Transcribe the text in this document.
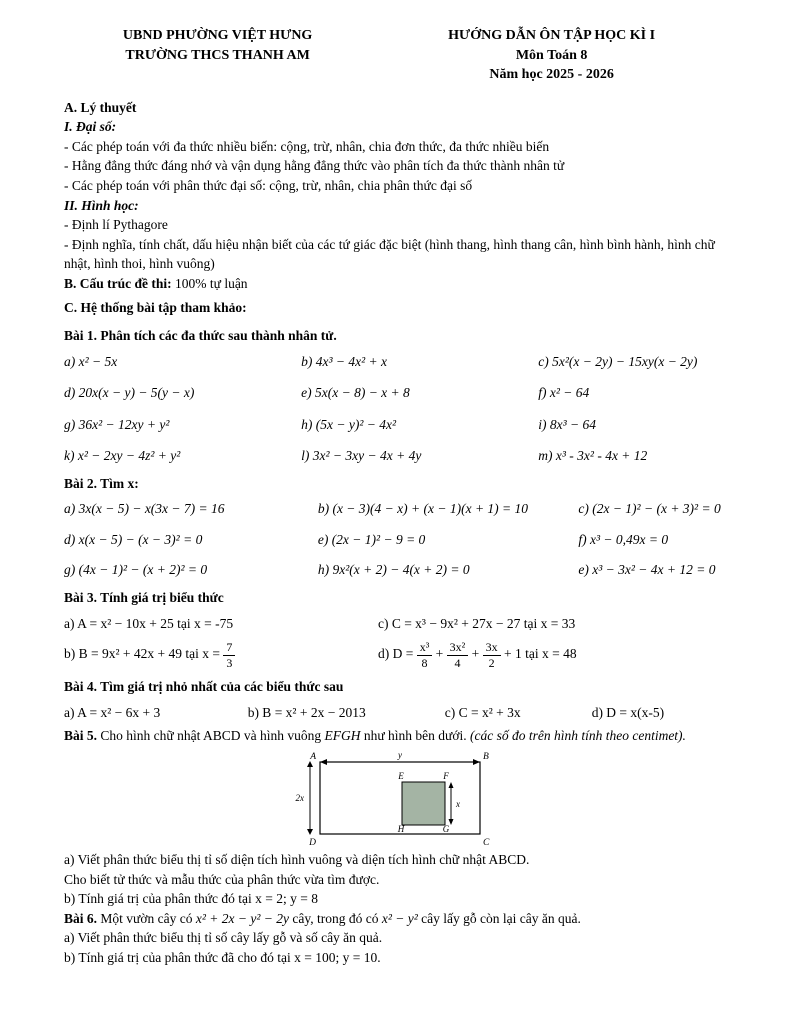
UBND PHƯỜNG VIỆT HƯNG
TRƯỜNG THCS THANH AM
HƯỚNG DẪN ÔN TẬP HỌC KÌ I
Môn Toán 8
Năm học 2025 - 2026
A. Lý thuyết
I. Đại số:
- Các phép toán với đa thức nhiều biến: cộng, trừ, nhân, chia đơn thức, đa thức nhiều biến
- Hằng đẳng thức đáng nhớ và vận dụng hằng đẳng thức vào phân tích đa thức thành nhân tử
- Các phép toán với phân thức đại số: cộng, trừ, nhân, chia phân thức đại số
II. Hình học:
- Định lí Pythagore
- Định nghĩa, tính chất, dấu hiệu nhận biết của các tứ giác đặc biệt (hình thang, hình thang cân, hình bình hành, hình chữ nhật, hình thoi, hình vuông)
B. Cấu trúc đề thi: 100% tự luận
C. Hệ thống bài tập tham khảo:
Bài 1. Phân tích các đa thức sau thành nhân tử.
a) x² − 5x	b) 4x³ − 4x² + x	c) 5x²(x − 2y) − 15xy(x − 2y)
d) 20x(x − y) − 5(y − x)	e) 5x(x − 8) − x + 8	f) x² − 64
g) 36x² − 12xy + y²	h) (5x − y)² − 4x²	i) 8x³ − 64
k) x² − 2xy − 4z² + y²	l) 3x² − 3xy − 4x + 4y	m) x³ - 3x² - 4x + 12
Bài 2. Tìm x:
a) 3x(x − 5) − x(3x − 7) = 16	b) (x − 3)(4 − x) + (x − 1)(x + 1) = 10	c) (2x − 1)² − (x + 3)² = 0
d) x(x − 5) − (x − 3)² = 0	e) (2x − 1)² − 9 = 0	f) x³ − 0,49x = 0
g) (4x − 1)² − (x + 2)² = 0	h) 9x²(x + 2) − 4(x + 2) = 0	e) x³ − 3x² − 4x + 12 = 0
Bài 3. Tính giá trị biểu thức
a) A = x² − 10x + 25 tại x = -75	c) C = x³ − 9x² + 27x − 27 tại x = 33
b) B = 9x² + 42x + 49 tại $x = \frac{7}{3}$	d) $D = \frac{\text{x³}}{8} + \frac{\text{3x²}}{4} + \frac{3x}{2} + 1$ tại x = 48
Bài 4. Tìm giá trị nhỏ nhất của các biểu thức sau
a) A = x² − 6x + 3	b) B = x² + 2x − 2013	c) C = x² + 3x	d) D = x(x-5)
Bài 5. Cho hình chữ nhật ABCD và hình vuông EFGH như hình bên dưới. (các số đo trên hình tính theo centimet).
A	B
C
D
E	F
G
H
y
2x
x
a) Viết phân thức biểu thị tỉ số diện tích hình vuông và diện tích hình chữ nhật ABCD.
Cho biết tử thức và mẫu thức của phân thức vừa tìm được.
b) Tính giá trị của phân thức đó tại x = 2; y = 8
Bài 6. Một vườn cây có x² + 2x − y² − 2y cây, trong đó có x² − y² cây lấy gỗ còn lại cây ăn quả.
a) Viết phân thức biểu thị tỉ số cây lấy gỗ và số cây ăn quả.
b) Tính giá trị của phân thức đã cho đó tại x = 100; y = 10.
